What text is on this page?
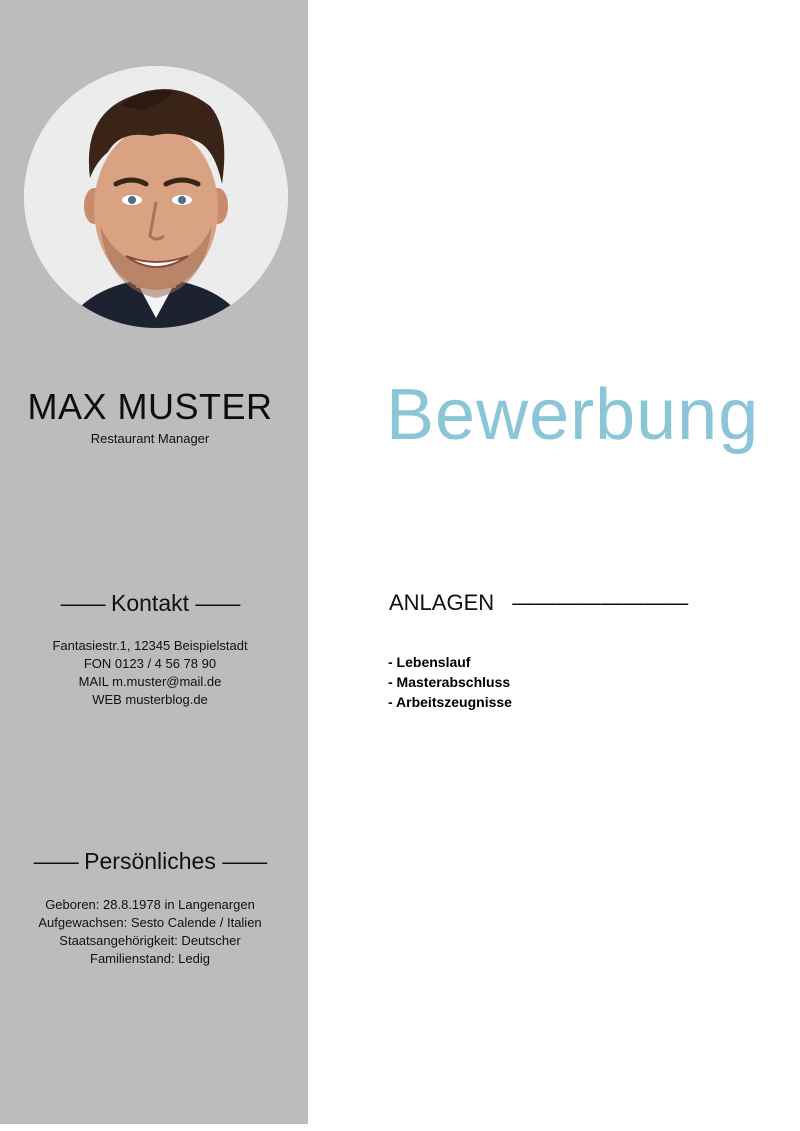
MAX MUSTER
Restaurant Manager
—— Kontakt ——
Fantasiestr.1, 12345 Beispielstadt
FON 0123 / 4 56 78 90
MAIL m.muster@mail.de
WEB musterblog.de
—— Persönliches ——
Geboren: 28.8.1978 in Langenargen
Aufgewachsen: Sesto Calende / Italien
Staatsangehörigkeit: Deutscher
Familienstand: Ledig
Bewerbung
ANLAGEN ————————
- Lebenslauf
- Masterabschluss
- Arbeitszeugnisse
